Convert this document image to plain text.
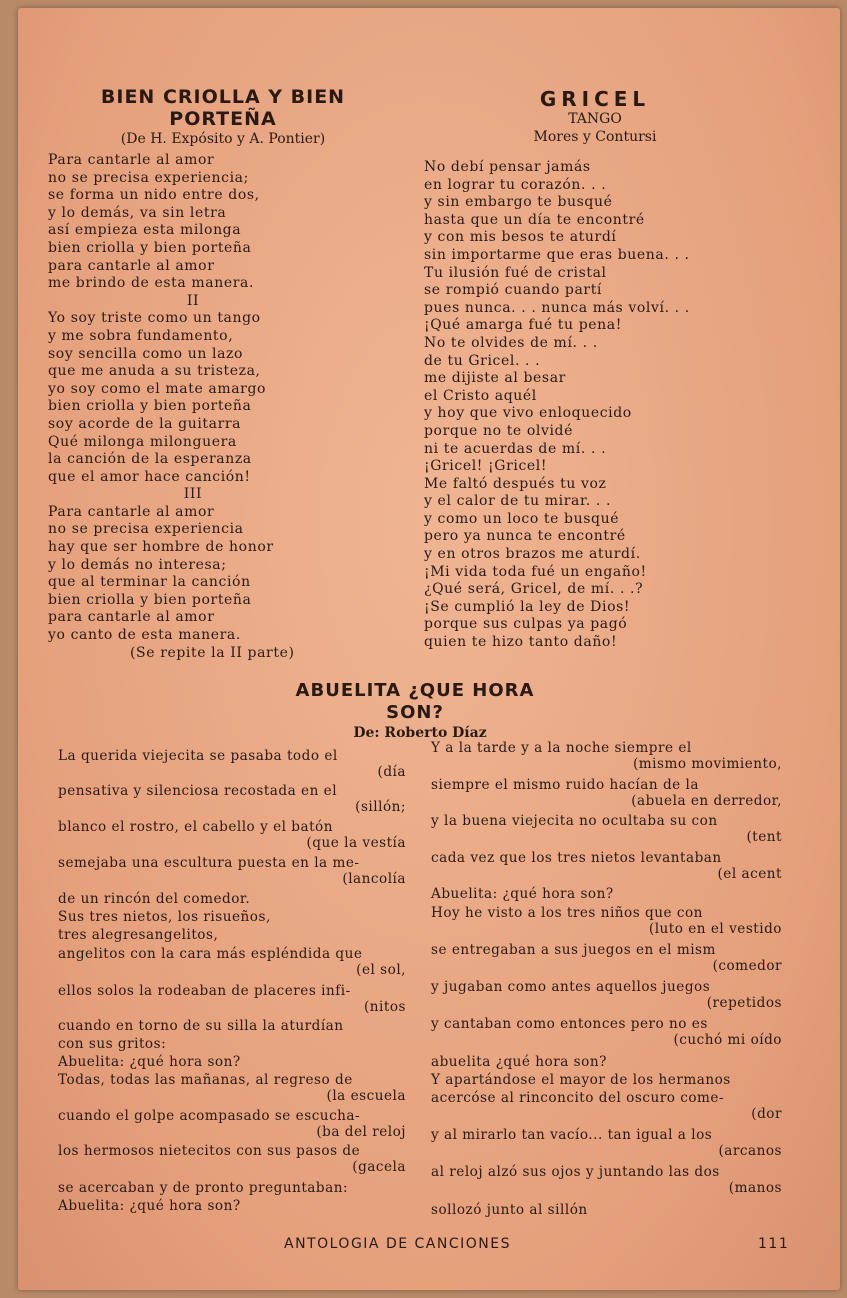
BIEN CRIOLLA Y BIEN
PORTEÑA
(De H. Expósito y A. Pontier)
Para cantarle al amor
no se precisa experiencia;
se forma un nido entre dos,
y lo demás, va sin letra
así empieza esta milonga
bien criolla y bien porteña
para cantarle al amor
me brindo de esta manera.
II
Yo soy triste como un tango
y me sobra fundamento,
soy sencilla como un lazo
que me anuda a su tristeza,
yo soy como el mate amargo
bien criolla y bien porteña
soy acorde de la guitarra
Qué milonga milonguera
la canción de la esperanza
que el amor hace canción!
III
Para cantarle al amor
no se precisa experiencia
hay que ser hombre de honor
y lo demás no interesa;
que al terminar la canción
bien criolla y bien porteña
para cantarle al amor
yo canto de esta manera.
(Se repite la II parte)
GRICEL
TANGO
Mores y Contursi
No debí pensar jamás
en lograr tu corazón. . .
y sin embargo te busqué
hasta que un día te encontré
y con mis besos te aturdí
sin importarme que eras buena. . .
Tu ilusión fué de cristal
se rompió cuando partí
pues nunca. . . nunca más volví. . .
¡Qué amarga fué tu pena!
No te olvides de mí. . .
de tu Gricel. . .
me dijiste al besar
el Cristo aquél
y hoy que vivo enloquecido
porque no te olvidé
ni te acuerdas de mí. . .
¡Gricel! ¡Gricel!
Me faltó después tu voz
y el calor de tu mirar. . .
y como un loco te busqué
pero ya nunca te encontré
y en otros brazos me aturdí.
¡Mi vida toda fué un engaño!
¿Qué será, Gricel, de mí. . .?
¡Se cumplió la ley de Dios!
porque sus culpas ya pagó
quien te hizo tanto daño!
ABUELITA ¿QUE HORA
SON?
De: Roberto Díaz
La querida viejecita se pasaba todo el
(día
pensativa y silenciosa recostada en el
(sillón;
blanco el rostro, el cabello y el batón
(que la vestía
semejaba una escultura puesta en la me-
(lancolía
de un rincón del comedor.
Sus tres nietos, los risueños,
tres alegresangelitos,
angelitos con la cara más espléndida que
(el sol,
ellos solos la rodeaban de placeres infi-
(nitos
cuando en torno de su silla la aturdían
con sus gritos:
Abuelita: ¿qué hora son?
Todas, todas las mañanas, al regreso de
(la escuela
cuando el golpe acompasado se escucha-
(ba del reloj
los hermosos nietecitos con sus pasos de
(gacela
se acercaban y de pronto preguntaban:
Abuelita: ¿qué hora son?
Y a la tarde y a la noche siempre el
(mismo movimiento,
siempre el mismo ruido hacían de la
(abuela en derredor,
y la buena viejecita no ocultaba su con
(tent
cada vez que los tres nietos levantaban
(el acent
Abuelita: ¿qué hora son?
Hoy he visto a los tres niños que con
(luto en el vestido
se entregaban a sus juegos en el mism
(comedor
y jugaban como antes aquellos juegos
(repetidos
y cantaban como entonces pero no es
(cuchó mi oído
abuelita ¿qué hora son?
Y apartándose el mayor de los hermanos
acercóse al rinconcito del oscuro come-
(dor
y al mirarlo tan vacío... tan igual a los
(arcanos
al reloj alzó sus ojos y juntando las dos
(manos
sollozó junto al sillón
ANTOLOGIA DE CANCIONES	111
